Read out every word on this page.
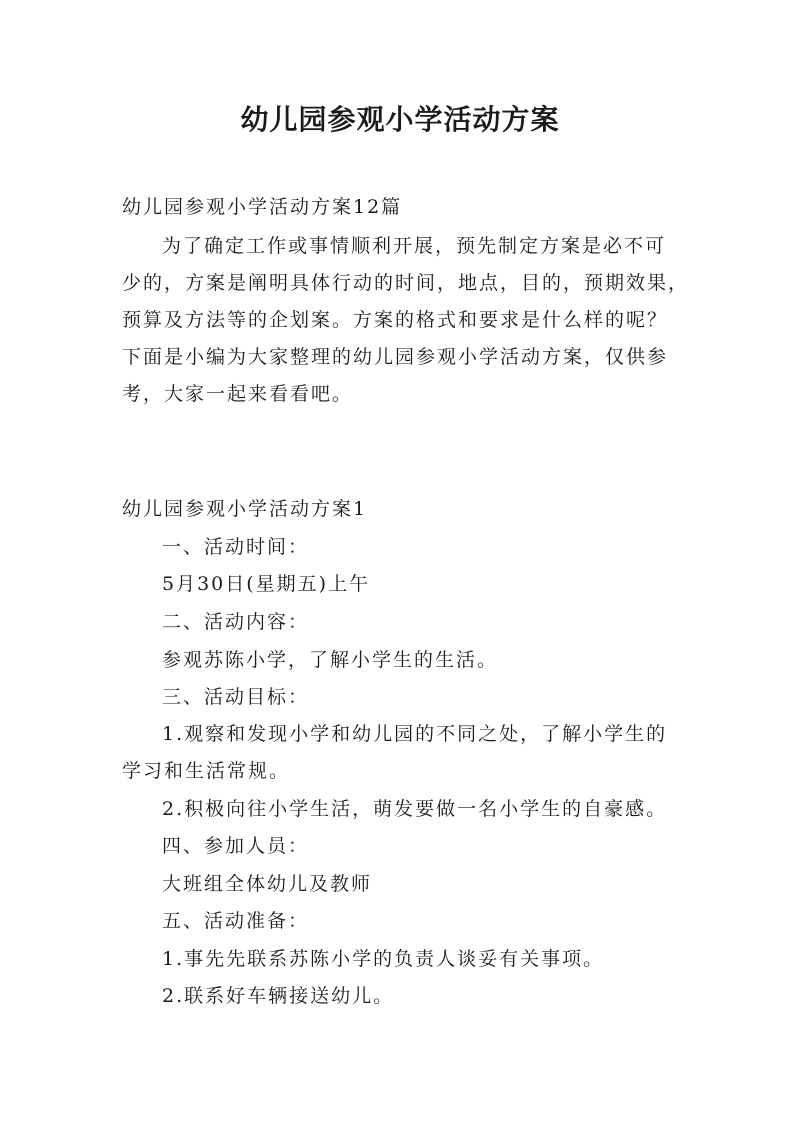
幼儿园参观小学活动方案
幼儿园参观小学活动方案12篇
为了确定工作或事情顺利开展，预先制定方案是必不可
少的，方案是阐明具体行动的时间，地点，目的，预期效果，
预算及方法等的企划案。方案的格式和要求是什么样的呢？
下面是小编为大家整理的幼儿园参观小学活动方案，仅供参
考，大家一起来看看吧。
幼儿园参观小学活动方案1
一、活动时间：
5月30日(星期五)上午
二、活动内容：
参观苏陈小学，了解小学生的生活。
三、活动目标：
1.观察和发现小学和幼儿园的不同之处，了解小学生的
学习和生活常规。
2.积极向往小学生活，萌发要做一名小学生的自豪感。
四、参加人员：
大班组全体幼儿及教师
五、活动准备：
1.事先先联系苏陈小学的负责人谈妥有关事项。
2.联系好车辆接送幼儿。
